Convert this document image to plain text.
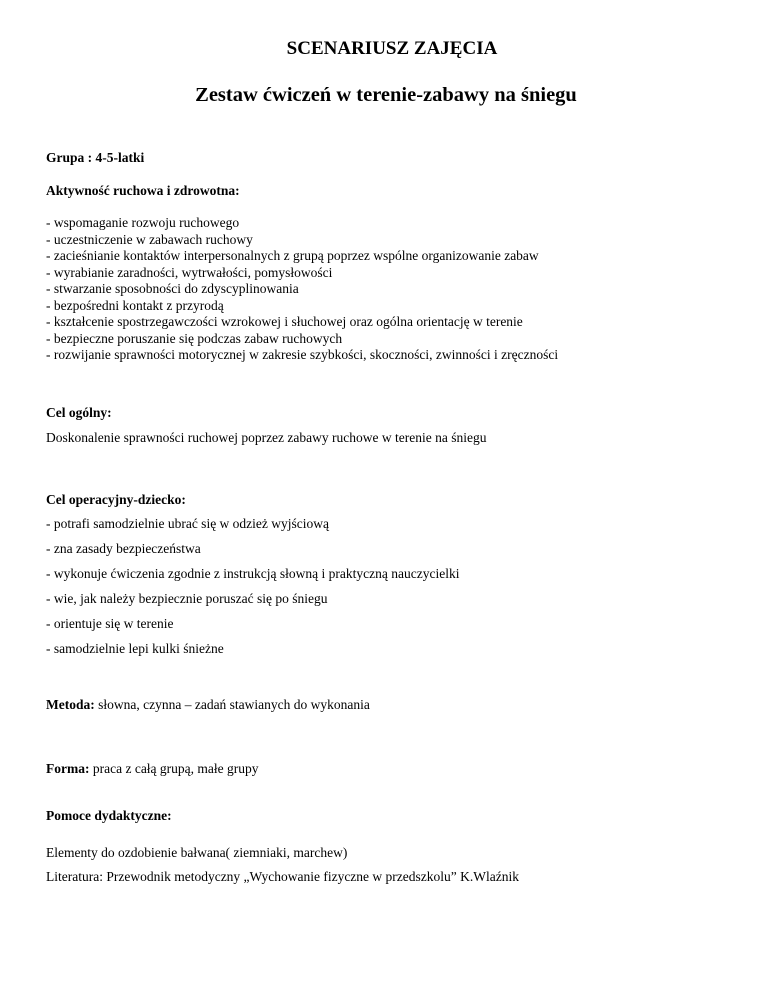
SCENARIUSZ ZAJĘCIA
Zestaw ćwiczeń w terenie-zabawy na śniegu
Grupa : 4-5-latki
Aktywność ruchowa i zdrowotna:
- wspomaganie rozwoju ruchowego
- uczestniczenie w zabawach ruchowy
- zacieśnianie kontaktów interpersonalnych z grupą poprzez wspólne organizowanie zabaw
- wyrabianie zaradności, wytrwałości, pomysłowości
- stwarzanie sposobności do zdyscyplinowania
- bezpośredni kontakt z przyrodą
- kształcenie spostrzegawczości wzrokowej i słuchowej oraz ogólna orientację w terenie
- bezpieczne poruszanie się podczas zabaw ruchowych
- rozwijanie sprawności motorycznej w zakresie szybkości, skoczności, zwinności i zręczności
Cel ogólny:
Doskonalenie sprawności ruchowej poprzez zabawy ruchowe w terenie na śniegu
Cel operacyjny-dziecko:
- potrafi samodzielnie ubrać się w odzież wyjściową
- zna zasady bezpieczeństwa
- wykonuje ćwiczenia zgodnie z instrukcją słowną i praktyczną nauczycielki
- wie, jak należy bezpiecznie poruszać się po śniegu
- orientuje się w terenie
- samodzielnie lepi kulki śnieżne
Metoda: słowna, czynna – zadań stawianych do wykonania
Forma: praca z całą grupą, małe grupy
Pomoce dydaktyczne:
Elementy do ozdobienie bałwana( ziemniaki, marchew)
Literatura: Przewodnik metodyczny „Wychowanie fizyczne w przedszkolu” K.Wlaźnik
